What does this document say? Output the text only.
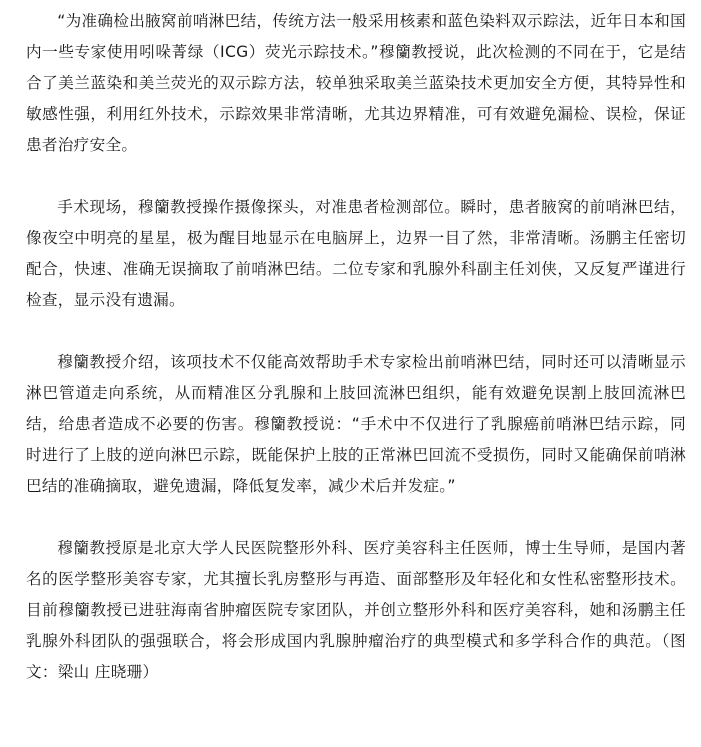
“为准确检出腋窝前哨淋巴结，传统方法一般采用核素和蓝色染料双示踪法，近年日本和国内一些专家使用吲哚菁绿（ICG）荧光示踪技术。”穆籣教授说，此次检测的不同在于，它是结合了美兰蓝染和美兰荧光的双示踪方法，较单独采取美兰蓝染技术更加安全方便，其特异性和敏感性强，利用红外技术，示踪效果非常清晰，尤其边界精准，可有效避免漏检、误检，保证患者治疗安全。

手术现场，穆籣教授操作摄像探头，对准患者检测部位。瞬时，患者腋窝的前哨淋巴结，像夜空中明亮的星星，极为醒目地显示在电脑屏上，边界一目了然，非常清晰。汤鹏主任密切配合，快速、准确无误摘取了前哨淋巴结。二位专家和乳腺外科副主任刘侠，又反复严谨进行检查，显示没有遗漏。

穆籣教授介绍，该项技术不仅能高效帮助手术专家检出前哨淋巴结，同时还可以清晰显示淋巴管道走向系统，从而精准区分乳腺和上肢回流淋巴组织，能有效避免误割上肢回流淋巴结，给患者造成不必要的伤害。穆籣教授说：“手术中不仅进行了乳腺癌前哨淋巴结示踪，同时进行了上肢的逆向淋巴示踪，既能保护上肢的正常淋巴回流不受损伤，同时又能确保前哨淋巴结的准确摘取，避免遗漏，降低复发率，减少术后并发症。”

穆籣教授原是北京大学人民医院整形外科、医疗美容科主任医师，博士生导师，是国内著名的医学整形美容专家，尤其擅长乳房整形与再造、面部整形及年轻化和女性私密整形技术。目前穆籣教授已进驻海南省肿瘤医院专家团队，并创立整形外科和医疗美容科，她和汤鹏主任乳腺外科团队的强强联合，将会形成国内乳腺肿瘤治疗的典型模式和多学科合作的典范。（图文：梁山 庄晓珊）
